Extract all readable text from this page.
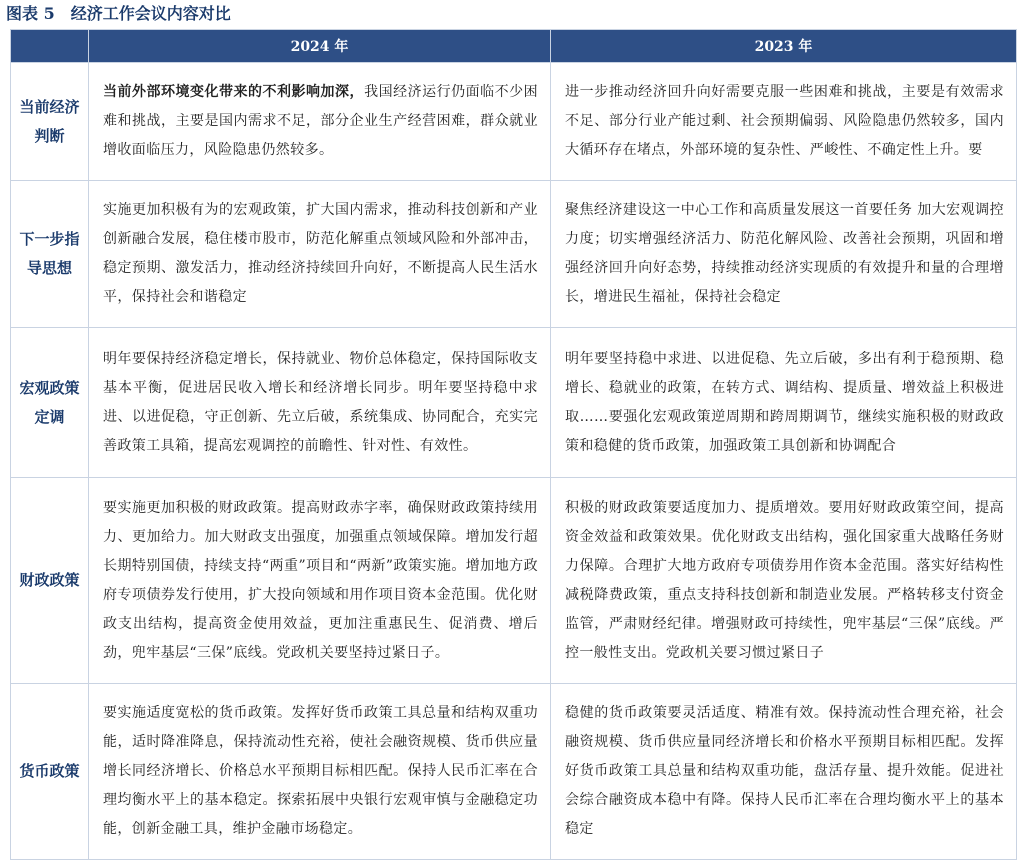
图表 5　经济工作会议内容对比
	2024 年	2023 年
当前经济判断	当前外部环境变化带来的不利影响加深，我国经济运行仍面临不少困难和挑战，主要是国内需求不足，部分企业生产经营困难，群众就业增收面临压力，风险隐患仍然较多。	进一步推动经济回升向好需要克服一些困难和挑战，主要是有效需求不足、部分行业产能过剩、社会预期偏弱、风险隐患仍然较多，国内大循环存在堵点，外部环境的复杂性、严峻性、不确定性上升。要
下一步指导思想	实施更加积极有为的宏观政策，扩大国内需求，推动科技创新和产业创新融合发展，稳住楼市股市，防范化解重点领域风险和外部冲击，稳定预期、激发活力，推动经济持续回升向好，不断提高人民生活水平，保持社会和谐稳定	聚焦经济建设这一中心工作和高质量发展这一首要任务 加大宏观调控力度；切实增强经济活力、防范化解风险、改善社会预期，巩固和增强经济回升向好态势，持续推动经济实现质的有效提升和量的合理增长，增进民生福祉，保持社会稳定
宏观政策定调	明年要保持经济稳定增长，保持就业、物价总体稳定，保持国际收支基本平衡，促进居民收入增长和经济增长同步。明年要坚持稳中求进、以进促稳，守正创新、先立后破，系统集成、协同配合，充实完善政策工具箱，提高宏观调控的前瞻性、针对性、有效性。	明年要坚持稳中求进、以进促稳、先立后破，多出有利于稳预期、稳增长、稳就业的政策，在转方式、调结构、提质量、增效益上积极进取……要强化宏观政策逆周期和跨周期调节，继续实施积极的财政政策和稳健的货币政策，加强政策工具创新和协调配合
财政政策	要实施更加积极的财政政策。提高财政赤字率，确保财政政策持续用力、更加给力。加大财政支出强度，加强重点领域保障。增加发行超长期特别国债，持续支持“两重”项目和“两新”政策实施。增加地方政府专项债券发行使用，扩大投向领域和用作项目资本金范围。优化财政支出结构，提高资金使用效益，更加注重惠民生、促消费、增后劲，兜牢基层“三保”底线。党政机关要坚持过紧日子。	积极的财政政策要适度加力、提质增效。要用好财政政策空间，提高资金效益和政策效果。优化财政支出结构，强化国家重大战略任务财力保障。合理扩大地方政府专项债券用作资本金范围。落实好结构性减税降费政策，重点支持科技创新和制造业发展。严格转移支付资金监管，严肃财经纪律。增强财政可持续性，兜牢基层“三保”底线。严控一般性支出。党政机关要习惯过紧日子
货币政策	要实施适度宽松的货币政策。发挥好货币政策工具总量和结构双重功能，适时降准降息，保持流动性充裕，使社会融资规模、货币供应量增长同经济增长、价格总水平预期目标相匹配。保持人民币汇率在合理均衡水平上的基本稳定。探索拓展中央银行宏观审慎与金融稳定功能，创新金融工具，维护金融市场稳定。	稳健的货币政策要灵活适度、精准有效。保持流动性合理充裕，社会融资规模、货币供应量同经济增长和价格水平预期目标相匹配。发挥好货币政策工具总量和结构双重功能，盘活存量、提升效能。促进社会综合融资成本稳中有降。保持人民币汇率在合理均衡水平上的基本稳定
